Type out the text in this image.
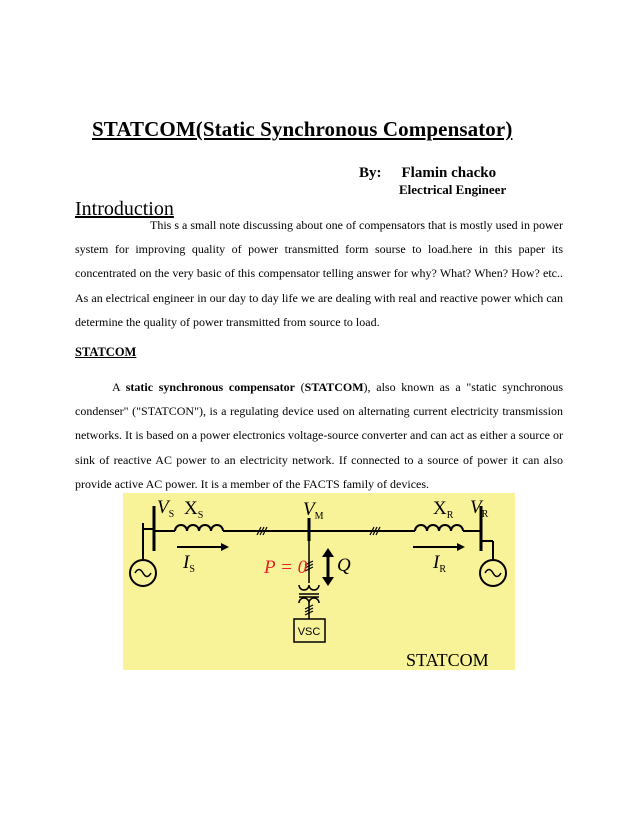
STATCOM(Static Synchronous Compensator)
By: Flamin chacko
Electrical Engineer
Introduction

This s a small note discussing about one of compensators that is mostly used in power system for improving quality of power transmitted form sourse to load.here in this paper its concentrated on the very basic of this compensator telling answer for why? What? When? How? etc.. As an electrical engineer in our day to day life we are dealing with real and reactive power which can determine the quality of power transmitted from source to load.

STATCOM

A static synchronous compensator (STATCOM), also known as a "static synchronous condenser" ("STATCON"), is a regulating device used on alternating current electricity transmission networks. It is based on a power electronics voltage-source converter and can act as either a source or sink of reactive AC power to an electricity network. If connected to a source of power it can also provide active AC power. It is a member of the FACTS family of devices.

$V_S$ $X_S$
$I_S$
$V_M$
P = 0 Q
$X_R$ $V_R$
$I_R$
VSC
STATCOM
